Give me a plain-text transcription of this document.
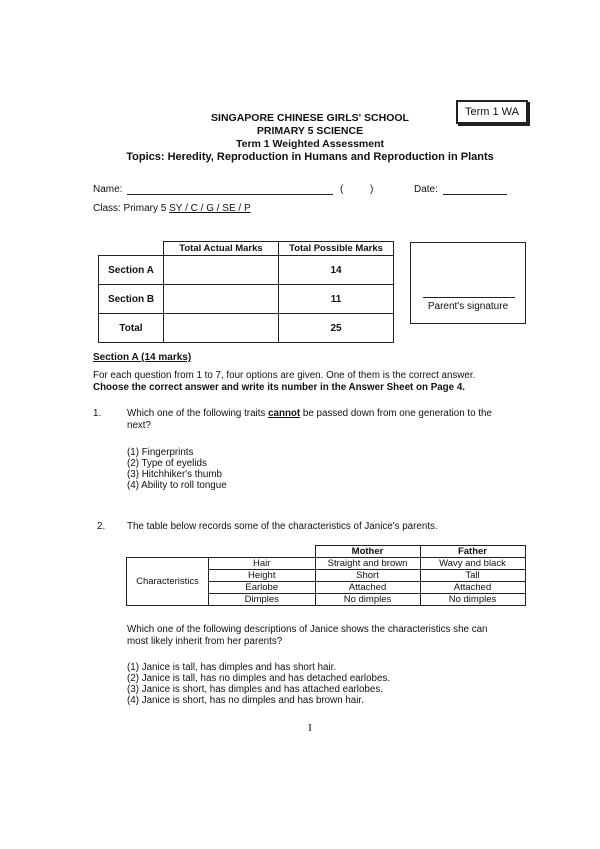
Term 1 WA
SINGAPORE CHINESE GIRLS' SCHOOL
PRIMARY 5 SCIENCE
Term 1 Weighted Assessment
Topics: Heredity, Reproduction in Humans and Reproduction in Plants
Name:	(	)	Date:
Class: Primary 5 SY / C / G / SE / P
	Total Actual Marks	Total Possible Marks
Section A		14
Section B		11
Total		25
Parent's signature
Section A (14 marks)
For each question from 1 to 7, four options are given. One of them is the correct answer.
Choose the correct answer and write its number in the Answer Sheet on Page 4.
1.	Which one of the following traits cannot be passed down from one generation to the
next?
(1) Fingerprints
(2) Type of eyelids
(3) Hitchhiker's thumb
(4) Ability to roll tongue
2. The table below records some of the characteristics of Janice's parents.
		Mother	Father
Characteristics	Hair	Straight and brown	Wavy and black
	Height	Short	Tall
	Earlobe	Attached	Attached
	Dimples	No dimples	No dimples
Which one of the following descriptions of Janice shows the characteristics she can
most likely inherit from her parents?
(1) Janice is tall, has dimples and has short hair.
(2) Janice is tall, has no dimples and has detached earlobes.
(3) Janice is short, has dimples and has attached earlobes.
(4) Janice is short, has no dimples and has brown hair.
I
